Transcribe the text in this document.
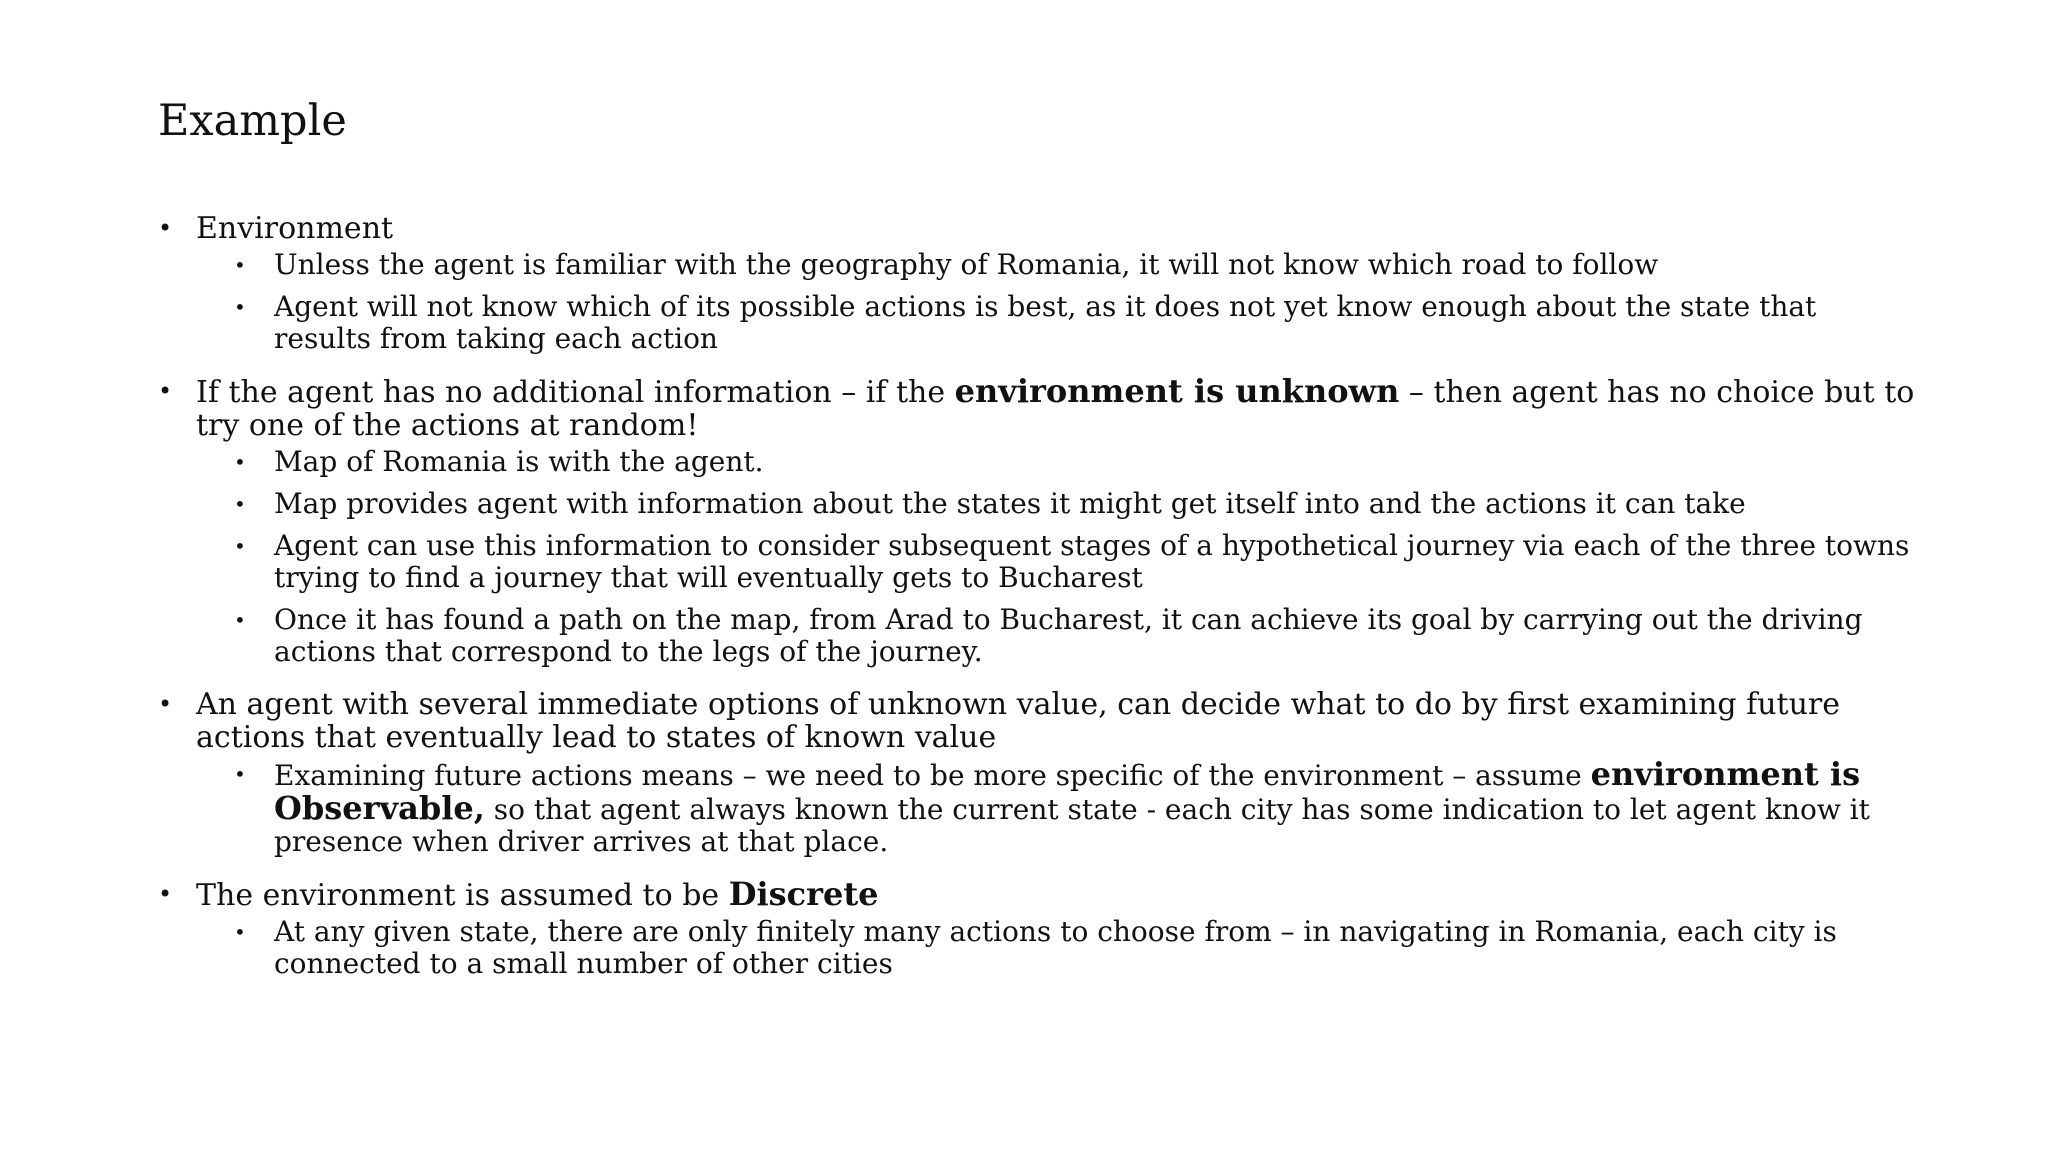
Example
• Environment
• Unless the agent is familiar with the geography of Romania, it will not know which road to follow
• Agent will not know which of its possible actions is best, as it does not yet know enough about the state that results from taking each action
• If the agent has no additional information – if the environment is unknown – then agent has no choice but to try one of the actions at random!
• Map of Romania is with the agent.
• Map provides agent with information about the states it might get itself into and the actions it can take
• Agent can use this information to consider subsequent stages of a hypothetical journey via each of the three towns trying to find a journey that will eventually gets to Bucharest
• Once it has found a path on the map, from Arad to Bucharest, it can achieve its goal by carrying out the driving actions that correspond to the legs of the journey.
• An agent with several immediate options of unknown value, can decide what to do by first examining future actions that eventually lead to states of known value
• Examining future actions means – we need to be more specific of the environment – assume environment is Observable, so that agent always known the current state - each city has some indication to let agent know it presence when driver arrives at that place.
• The environment is assumed to be Discrete
• At any given state, there are only finitely many actions to choose from – in navigating in Romania, each city is connected to a small number of other cities
